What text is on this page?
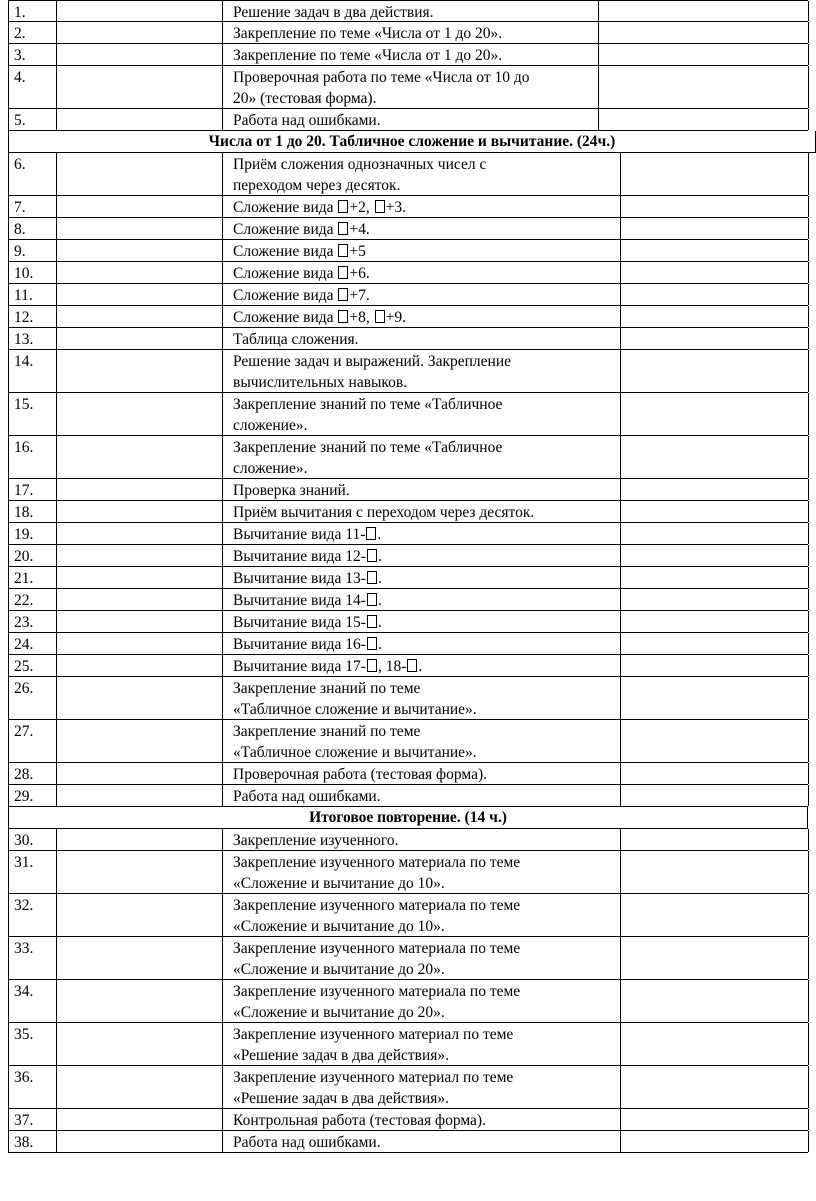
1.	Решение задач в два действия.
2.	Закрепление по теме «Числа от 1 до 20».
3.	Закрепление по теме «Числа от 1 до 20».
4.	Проверочная работа по теме «Числа от 10 до
20» (тестовая форма).
5.	Работа над ошибками.
Числа от 1 до 20. Табличное сложение и вычитание. (24ч.)
6.	Приём сложения однозначных чисел с
переходом через десяток.
7.	Сложение вида +2, +3.
8.	Сложение вида +4.
9.	Сложение вида +5
10.	Сложение вида +6.
11.	Сложение вида +7.
12.	Сложение вида +8, +9.
13.	Таблица сложения.
14.	Решение задач и выражений. Закрепление
вычислительных навыков.
15.	Закрепление знаний по теме «Табличное
сложение».
16.	Закрепление знаний по теме «Табличное
сложение».
17.	Проверка знаний.
18.	Приём вычитания с переходом через десяток.
19.	Вычитание вида 11- .
20.	Вычитание вида 12- .
21.	Вычитание вида 13- .
22.	Вычитание вида 14- .
23.	Вычитание вида 15- .
24.	Вычитание вида 16- .
25.	Вычитание вида 17- , 18- .
26.	Закрепление знаний по теме
«Табличное сложение и вычитание».
27.	Закрепление знаний по теме
«Табличное сложение и вычитание».
28.	Проверочная работа (тестовая форма).
29.	Работа над ошибками.
Итоговое повторение. (14 ч.)
30.	Закрепление изученного.
31.	Закрепление изученного материала по теме
«Сложение и вычитание до 10».
32.	Закрепление изученного материала по теме
«Сложение и вычитание до 10».
33.	Закрепление изученного материала по теме
«Сложение и вычитание до 20».
34.	Закрепление изученного материала по теме
«Сложение и вычитание до 20».
35.	Закрепление изученного материал по теме
«Решение задач в два действия».
36.	Закрепление изученного материал по теме
«Решение задач в два действия».
37.	Контрольная работа (тестовая форма).
38.	Работа над ошибками.
